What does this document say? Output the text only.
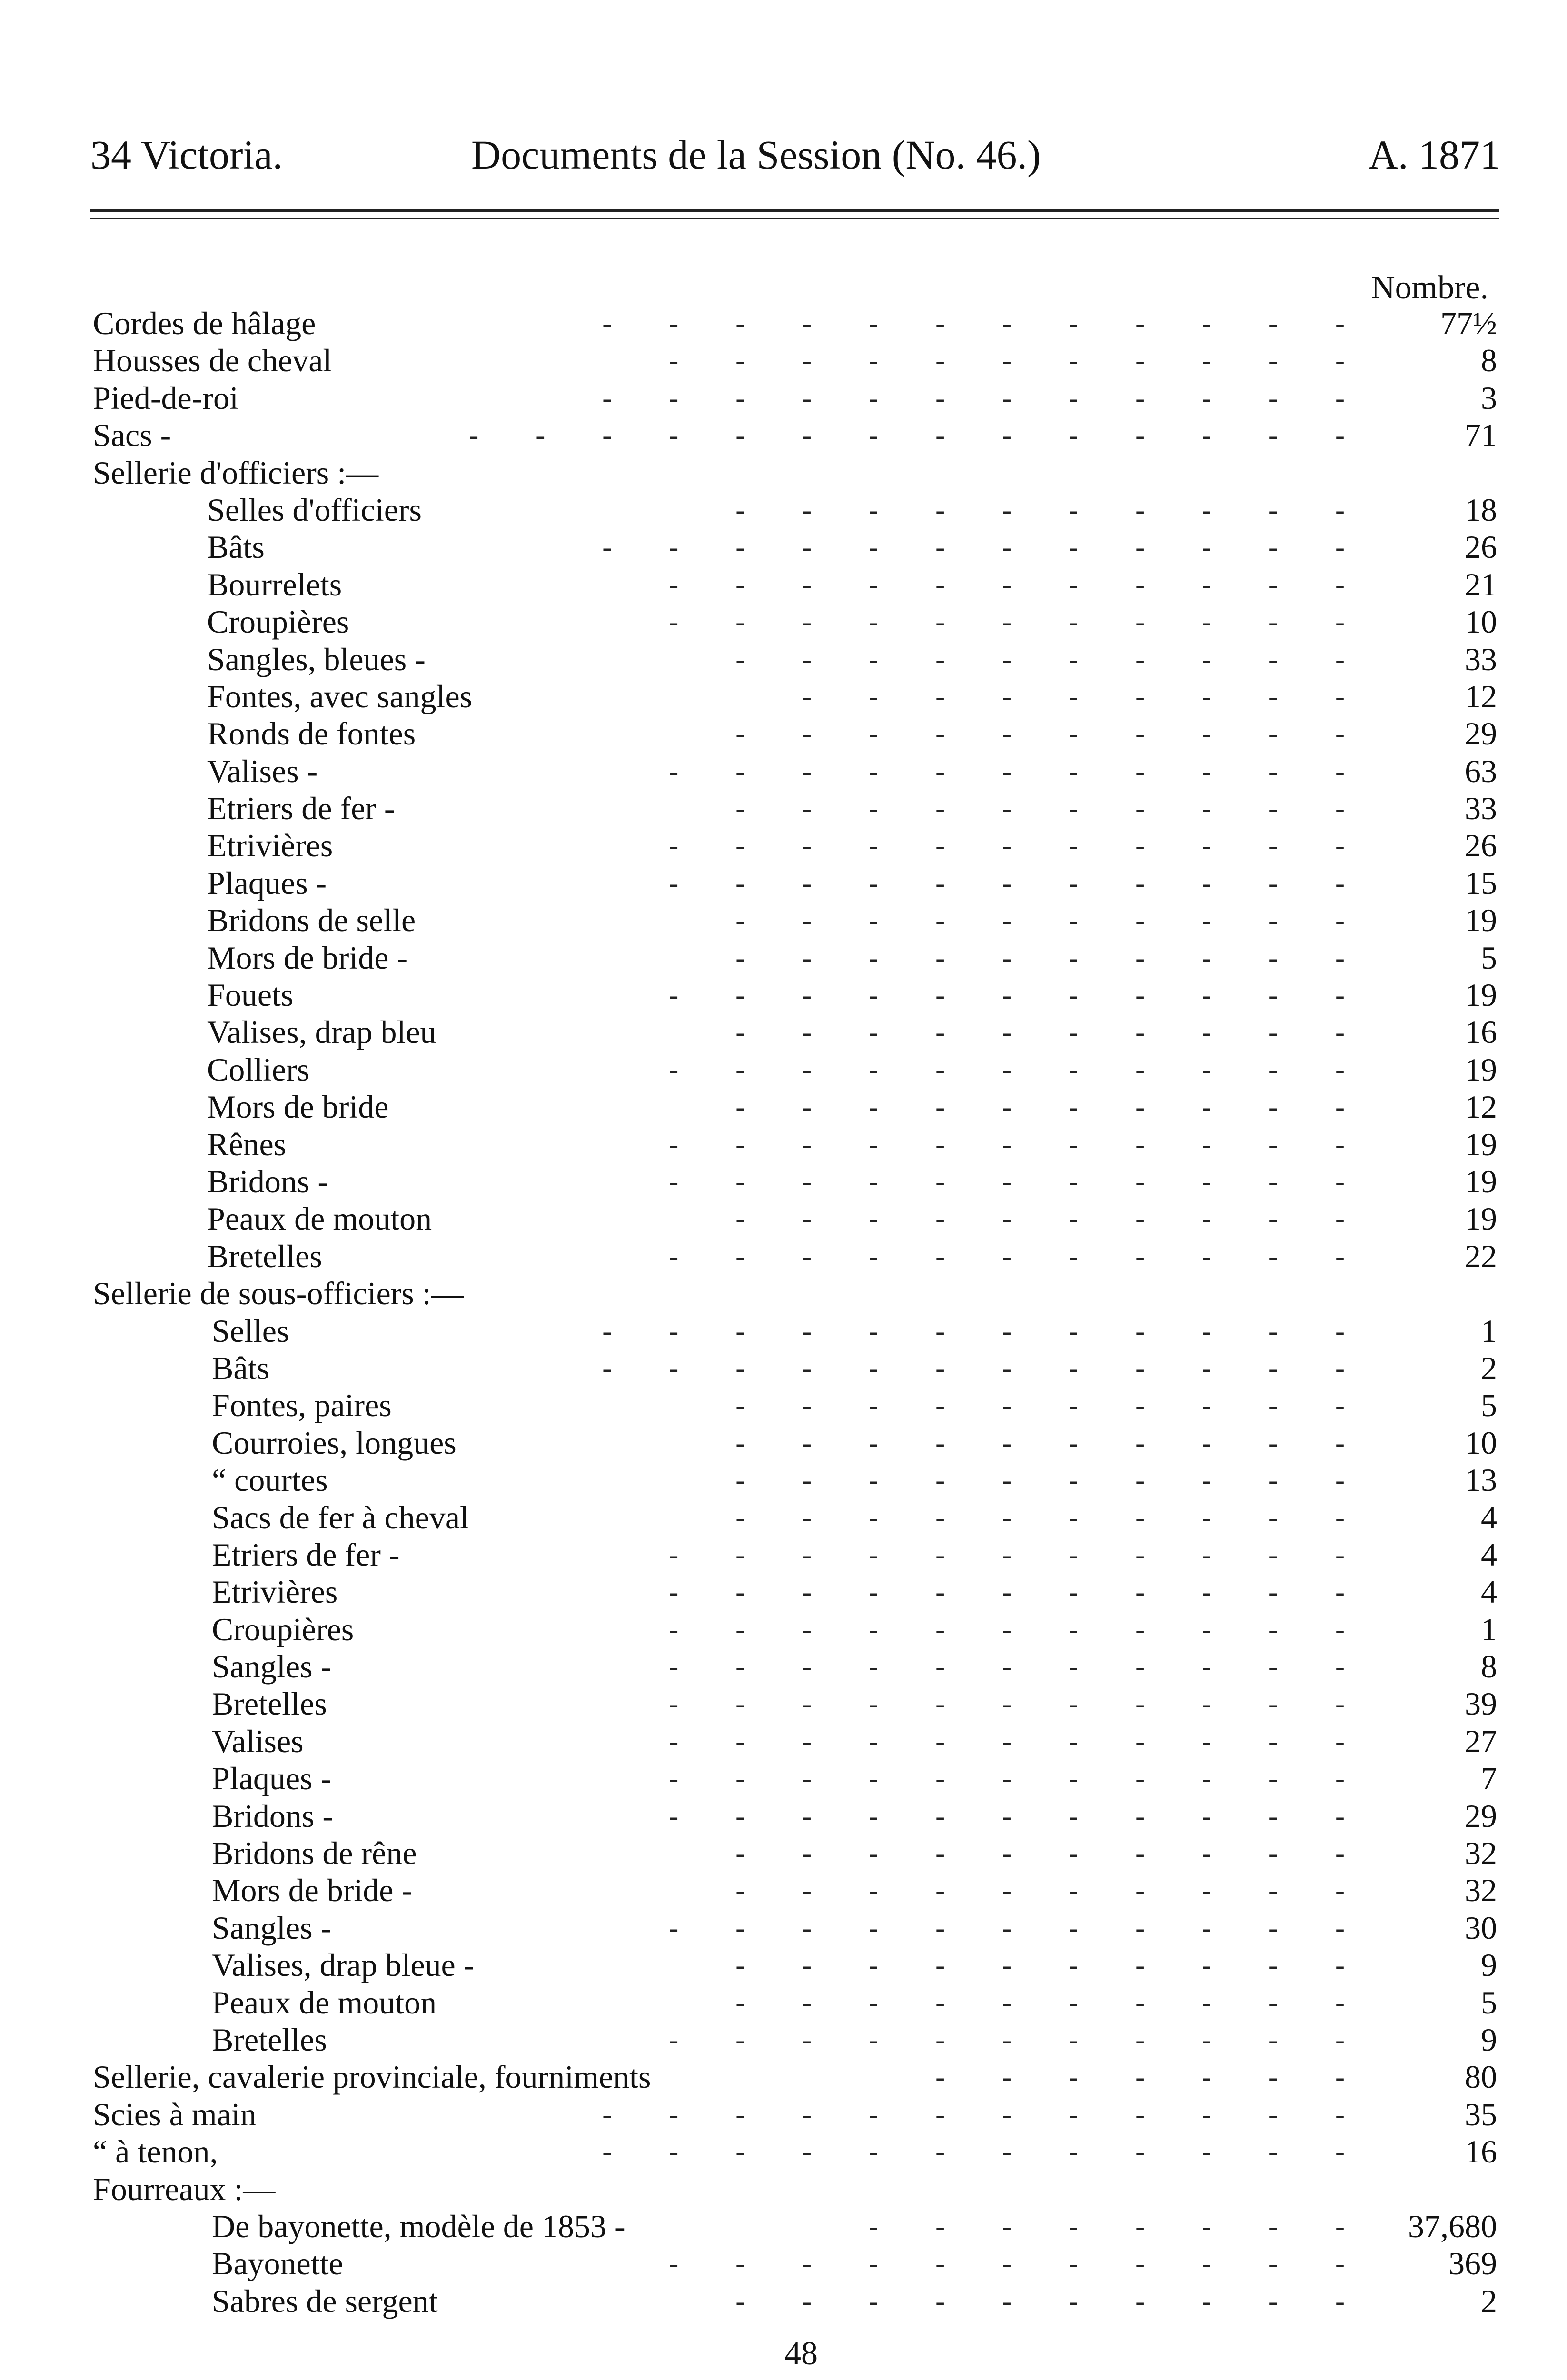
34 Victoria.	Documents de la Session (No. 46.)	A. 1871
Nombre.
Cordes de hâlage	-  -  -  -  -  -  -  -  -  -  -  -	77½
Housses de cheval	-  -  -  -  -  -  -  -  -  -  -	8
Pied-de-roi	-  -  -  -  -  -  -  -  -  -  -  -	3
Sacs -	-  -  -  -  -  -  -  -  -  -  -  -  -  -	71
Sellerie d'officiers :—
Selles d'officiers	-  -  -  -  -  -  -  -  -  -	18
Bâts	-  -  -  -  -  -  -  -  -  -  -  -	26
Bourrelets	-  -  -  -  -  -  -  -  -  -  -	21
Croupières	-  -  -  -  -  -  -  -  -  -  -	10
Sangles, bleues -	-  -  -  -  -  -  -  -  -  -	33
Fontes, avec sangles	-  -  -  -  -  -  -  -  -	12
Ronds de fontes	-  -  -  -  -  -  -  -  -  -	29
Valises -	-  -  -  -  -  -  -  -  -  -  -	63
Etriers de fer -	-  -  -  -  -  -  -  -  -  -	33
Etrivières	-  -  -  -  -  -  -  -  -  -  -	26
Plaques -	-  -  -  -  -  -  -  -  -  -  -	15
Bridons de selle	-  -  -  -  -  -  -  -  -  -	19
Mors de bride -	-  -  -  -  -  -  -  -  -  -	5
Fouets	-  -  -  -  -  -  -  -  -  -  -	19
Valises, drap bleu	-  -  -  -  -  -  -  -  -  -	16
Colliers	-  -  -  -  -  -  -  -  -  -  -	19
Mors de bride	-  -  -  -  -  -  -  -  -  -	12
Rênes	-  -  -  -  -  -  -  -  -  -  -	19
Bridons -	-  -  -  -  -  -  -  -  -  -  -	19
Peaux de mouton	-  -  -  -  -  -  -  -  -  -	19
Bretelles	-  -  -  -  -  -  -  -  -  -  -	22
Sellerie de sous-officiers :—
Selles	-  -  -  -  -  -  -  -  -  -  -  -	1
Bâts	-  -  -  -  -  -  -  -  -  -  -  -	2
Fontes, paires	-  -  -  -  -  -  -  -  -  -	5
Courroies, longues	-  -  -  -  -  -  -  -  -  -	10
“ courtes	-  -  -  -  -  -  -  -  -  -	13
Sacs de fer à cheval	-  -  -  -  -  -  -  -  -  -	4
Etriers de fer -	-  -  -  -  -  -  -  -  -  -  -	4
Etrivières	-  -  -  -  -  -  -  -  -  -  -	4
Croupières	-  -  -  -  -  -  -  -  -  -  -	1
Sangles -	-  -  -  -  -  -  -  -  -  -  -	8
Bretelles	-  -  -  -  -  -  -  -  -  -  -	39
Valises	-  -  -  -  -  -  -  -  -  -  -	27
Plaques -	-  -  -  -  -  -  -  -  -  -  -	7
Bridons -	-  -  -  -  -  -  -  -  -  -  -	29
Bridons de rêne	-  -  -  -  -  -  -  -  -  -	32
Mors de bride -	-  -  -  -  -  -  -  -  -  -	32
Sangles -	-  -  -  -  -  -  -  -  -  -  -	30
Valises, drap bleue -	-  -  -  -  -  -  -  -  -  -	9
Peaux de mouton	-  -  -  -  -  -  -  -  -  -	5
Bretelles	-  -  -  -  -  -  -  -  -  -  -	9
Sellerie, cavalerie provinciale, fourniments	-  -  -  -  -  -  -	80
Scies à main	-  -  -  -  -  -  -  -  -  -  -  -	35
“ à tenon,	-  -  -  -  -  -  -  -  -  -  -  -	16
Fourreaux :—
De bayonette, modèle de 1853 -	-  -  -  -  -  -  -  - 37,680
Bayonette	-  -  -  -  -  -  -  -  -  -  -	369
Sabres de sergent	-  -  -  -  -  -  -  -  -  -	2
48
